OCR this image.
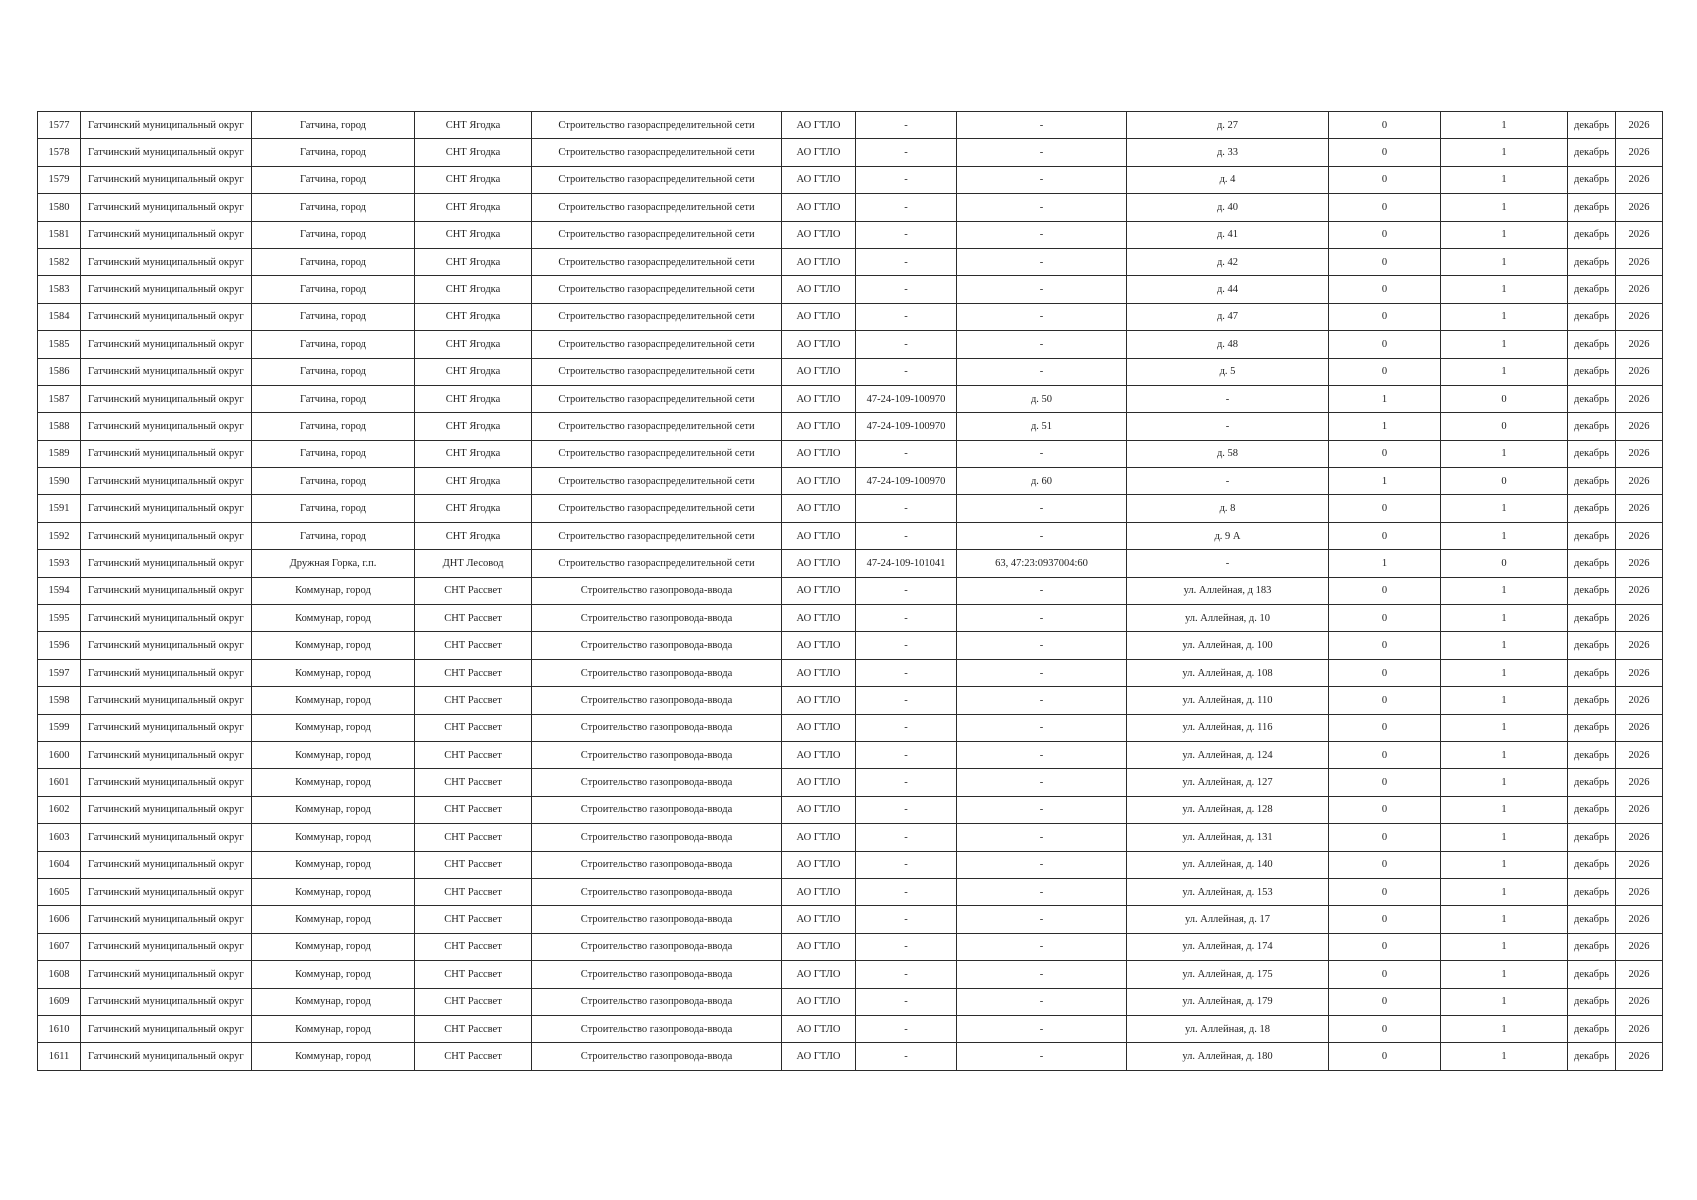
1577	Гатчинский муниципальный округ	Гатчина, город	СНТ Ягодка	Строительство газораспределительной сети	АО ГТЛО	-	-	д. 27	0	1	декабрь	2026
1578	Гатчинский муниципальный округ	Гатчина, город	СНТ Ягодка	Строительство газораспределительной сети	АО ГТЛО	-	-	д. 33	0	1	декабрь	2026
1579	Гатчинский муниципальный округ	Гатчина, город	СНТ Ягодка	Строительство газораспределительной сети	АО ГТЛО	-	-	д. 4	0	1	декабрь	2026
1580	Гатчинский муниципальный округ	Гатчина, город	СНТ Ягодка	Строительство газораспределительной сети	АО ГТЛО	-	-	д. 40	0	1	декабрь	2026
1581	Гатчинский муниципальный округ	Гатчина, город	СНТ Ягодка	Строительство газораспределительной сети	АО ГТЛО	-	-	д. 41	0	1	декабрь	2026
1582	Гатчинский муниципальный округ	Гатчина, город	СНТ Ягодка	Строительство газораспределительной сети	АО ГТЛО	-	-	д. 42	0	1	декабрь	2026
1583	Гатчинский муниципальный округ	Гатчина, город	СНТ Ягодка	Строительство газораспределительной сети	АО ГТЛО	-	-	д. 44	0	1	декабрь	2026
1584	Гатчинский муниципальный округ	Гатчина, город	СНТ Ягодка	Строительство газораспределительной сети	АО ГТЛО	-	-	д. 47	0	1	декабрь	2026
1585	Гатчинский муниципальный округ	Гатчина, город	СНТ Ягодка	Строительство газораспределительной сети	АО ГТЛО	-	-	д. 48	0	1	декабрь	2026
1586	Гатчинский муниципальный округ	Гатчина, город	СНТ Ягодка	Строительство газораспределительной сети	АО ГТЛО	-	-	д. 5	0	1	декабрь	2026
1587	Гатчинский муниципальный округ	Гатчина, город	СНТ Ягодка	Строительство газораспределительной сети	АО ГТЛО	47-24-109-100970	д. 50	-	1	0	декабрь	2026
1588	Гатчинский муниципальный округ	Гатчина, город	СНТ Ягодка	Строительство газораспределительной сети	АО ГТЛО	47-24-109-100970	д. 51	-	1	0	декабрь	2026
1589	Гатчинский муниципальный округ	Гатчина, город	СНТ Ягодка	Строительство газораспределительной сети	АО ГТЛО	-	-	д. 58	0	1	декабрь	2026
1590	Гатчинский муниципальный округ	Гатчина, город	СНТ Ягодка	Строительство газораспределительной сети	АО ГТЛО	47-24-109-100970	д. 60	-	1	0	декабрь	2026
1591	Гатчинский муниципальный округ	Гатчина, город	СНТ Ягодка	Строительство газораспределительной сети	АО ГТЛО	-	-	д. 8	0	1	декабрь	2026
1592	Гатчинский муниципальный округ	Гатчина, город	СНТ Ягодка	Строительство газораспределительной сети	АО ГТЛО	-	-	д. 9 А	0	1	декабрь	2026
1593	Гатчинский муниципальный округ	Дружная Горка, г.п.	ДНТ Лесовод	Строительство газораспределительной сети	АО ГТЛО	47-24-109-101041	63, 47:23:0937004:60	-	1	0	декабрь	2026
1594	Гатчинский муниципальный округ	Коммунар, город	СНТ Рассвет	Строительство газопровода-ввода	АО ГТЛО	-	-	ул. Аллейная, д 183	0	1	декабрь	2026
1595	Гатчинский муниципальный округ	Коммунар, город	СНТ Рассвет	Строительство газопровода-ввода	АО ГТЛО	-	-	ул. Аллейная, д. 10	0	1	декабрь	2026
1596	Гатчинский муниципальный округ	Коммунар, город	СНТ Рассвет	Строительство газопровода-ввода	АО ГТЛО	-	-	ул. Аллейная, д. 100	0	1	декабрь	2026
1597	Гатчинский муниципальный округ	Коммунар, город	СНТ Рассвет	Строительство газопровода-ввода	АО ГТЛО	-	-	ул. Аллейная, д. 108	0	1	декабрь	2026
1598	Гатчинский муниципальный округ	Коммунар, город	СНТ Рассвет	Строительство газопровода-ввода	АО ГТЛО	-	-	ул. Аллейная, д. 110	0	1	декабрь	2026
1599	Гатчинский муниципальный округ	Коммунар, город	СНТ Рассвет	Строительство газопровода-ввода	АО ГТЛО	-	-	ул. Аллейная, д. 116	0	1	декабрь	2026
1600	Гатчинский муниципальный округ	Коммунар, город	СНТ Рассвет	Строительство газопровода-ввода	АО ГТЛО	-	-	ул. Аллейная, д. 124	0	1	декабрь	2026
1601	Гатчинский муниципальный округ	Коммунар, город	СНТ Рассвет	Строительство газопровода-ввода	АО ГТЛО	-	-	ул. Аллейная, д. 127	0	1	декабрь	2026
1602	Гатчинский муниципальный округ	Коммунар, город	СНТ Рассвет	Строительство газопровода-ввода	АО ГТЛО	-	-	ул. Аллейная, д. 128	0	1	декабрь	2026
1603	Гатчинский муниципальный округ	Коммунар, город	СНТ Рассвет	Строительство газопровода-ввода	АО ГТЛО	-	-	ул. Аллейная, д. 131	0	1	декабрь	2026
1604	Гатчинский муниципальный округ	Коммунар, город	СНТ Рассвет	Строительство газопровода-ввода	АО ГТЛО	-	-	ул. Аллейная, д. 140	0	1	декабрь	2026
1605	Гатчинский муниципальный округ	Коммунар, город	СНТ Рассвет	Строительство газопровода-ввода	АО ГТЛО	-	-	ул. Аллейная, д. 153	0	1	декабрь	2026
1606	Гатчинский муниципальный округ	Коммунар, город	СНТ Рассвет	Строительство газопровода-ввода	АО ГТЛО	-	-	ул. Аллейная, д. 17	0	1	декабрь	2026
1607	Гатчинский муниципальный округ	Коммунар, город	СНТ Рассвет	Строительство газопровода-ввода	АО ГТЛО	-	-	ул. Аллейная, д. 174	0	1	декабрь	2026
1608	Гатчинский муниципальный округ	Коммунар, город	СНТ Рассвет	Строительство газопровода-ввода	АО ГТЛО	-	-	ул. Аллейная, д. 175	0	1	декабрь	2026
1609	Гатчинский муниципальный округ	Коммунар, город	СНТ Рассвет	Строительство газопровода-ввода	АО ГТЛО	-	-	ул. Аллейная, д. 179	0	1	декабрь	2026
1610	Гатчинский муниципальный округ	Коммунар, город	СНТ Рассвет	Строительство газопровода-ввода	АО ГТЛО	-	-	ул. Аллейная, д. 18	0	1	декабрь	2026
1611	Гатчинский муниципальный округ	Коммунар, город	СНТ Рассвет	Строительство газопровода-ввода	АО ГТЛО	-	-	ул. Аллейная, д. 180	0	1	декабрь	2026
